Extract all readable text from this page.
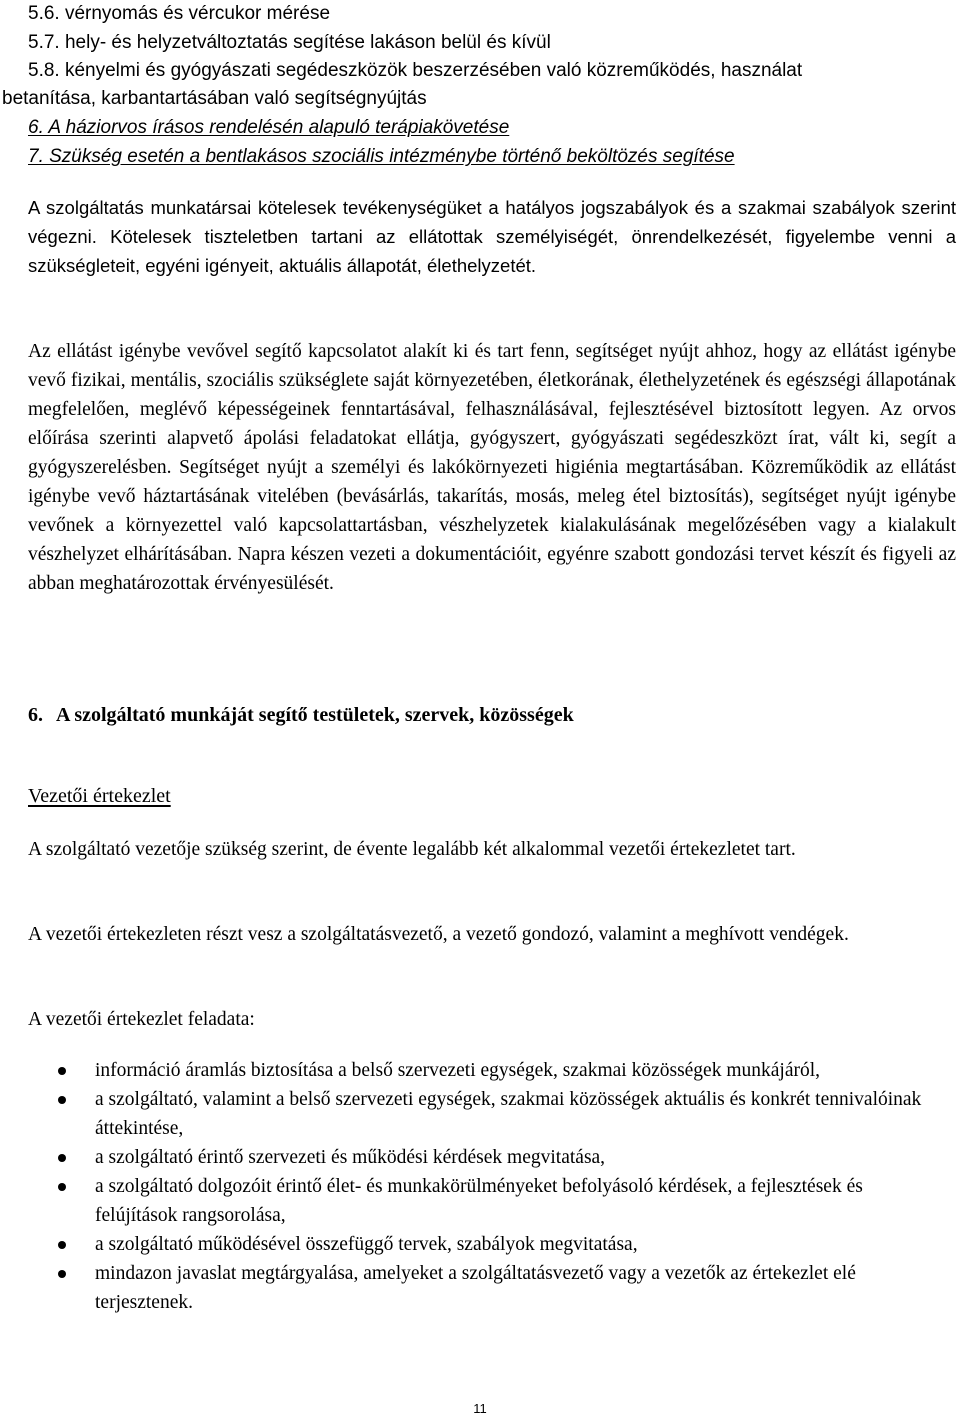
5.6. vérnyomás és vércukor mérése
5.7. hely- és helyzetváltoztatás segítése lakáson belül és kívül
5.8. kényelmi és gyógyászati segédeszközök beszerzésében való közreműködés, használat
betanítása, karbantartásában való segítségnyújtás
6. A háziorvos írásos rendelésén alapuló terápiakövetése
7. Szükség esetén a bentlakásos szociális intézménybe történő beköltözés segítése

A szolgáltatás munkatársai kötelesek tevékenységüket a hatályos jogszabályok és a szakmai szabályok szerint végezni. Kötelesek tiszteletben tartani az ellátottak személyiségét, önrendelkezését, figyelembe venni a szükségleteit, egyéni igényeit, aktuális állapotát, élethelyzetét.

Az ellátást igénybe vevővel segítő kapcsolatot alakít ki és tart fenn, segítséget nyújt ahhoz, hogy az ellátást igénybe vevő fizikai, mentális, szociális szükséglete saját környezetében, életkorának, élethelyzetének és egészségi állapotának megfelelően, meglévő képességeinek fenntartásával, felhasználásával, fejlesztésével biztosított legyen. Az orvos előírása szerinti alapvető ápolási feladatokat ellátja, gyógyszert, gyógyászati segédeszközt írat, vált ki, segít a gyógyszerelésben. Segítséget nyújt a személyi és lakókörnyezeti higiénia megtartásában. Közreműködik az ellátást igénybe vevő háztartásának vitelében (bevásárlás, takarítás, mosás, meleg étel biztosítás), segítséget nyújt igénybe vevőnek a környezettel való kapcsolattartásban, vészhelyzetek kialakulásának megelőzésében vagy a kialakult vészhelyzet elhárításában. Napra készen vezeti a dokumentációit, egyénre szabott gondozási tervet készít és figyeli az abban meghatározottak érvényesülését.

6. A szolgáltató munkáját segítő testületek, szervek, közösségek
Vezetői értekezlet
A szolgáltató vezetője szükség szerint, de évente legalább két alkalommal vezetői értekezletet tart.
A vezetői értekezleten részt vesz a szolgáltatásvezető, a vezető gondozó, valamint a meghívott vendégek.
A vezetői értekezlet feladata:
információ áramlás biztosítása a belső szervezeti egységek, szakmai közösségek munkájáról,
a szolgáltató, valamint a belső szervezeti egységek, szakmai közösségek aktuális és konkrét tennivalóinak áttekintése,
a szolgáltató érintő szervezeti és működési kérdések megvitatása,
a szolgáltató dolgozóit érintő élet- és munkakörülményeket befolyásoló kérdések, a fejlesztések és felújítások rangsorolása,
a szolgáltató működésével összefüggő tervek, szabályok megvitatása,
mindazon javaslat megtárgyalása, amelyeket a szolgáltatásvezető vagy a vezetők az értekezlet elé terjesztenek.
11
